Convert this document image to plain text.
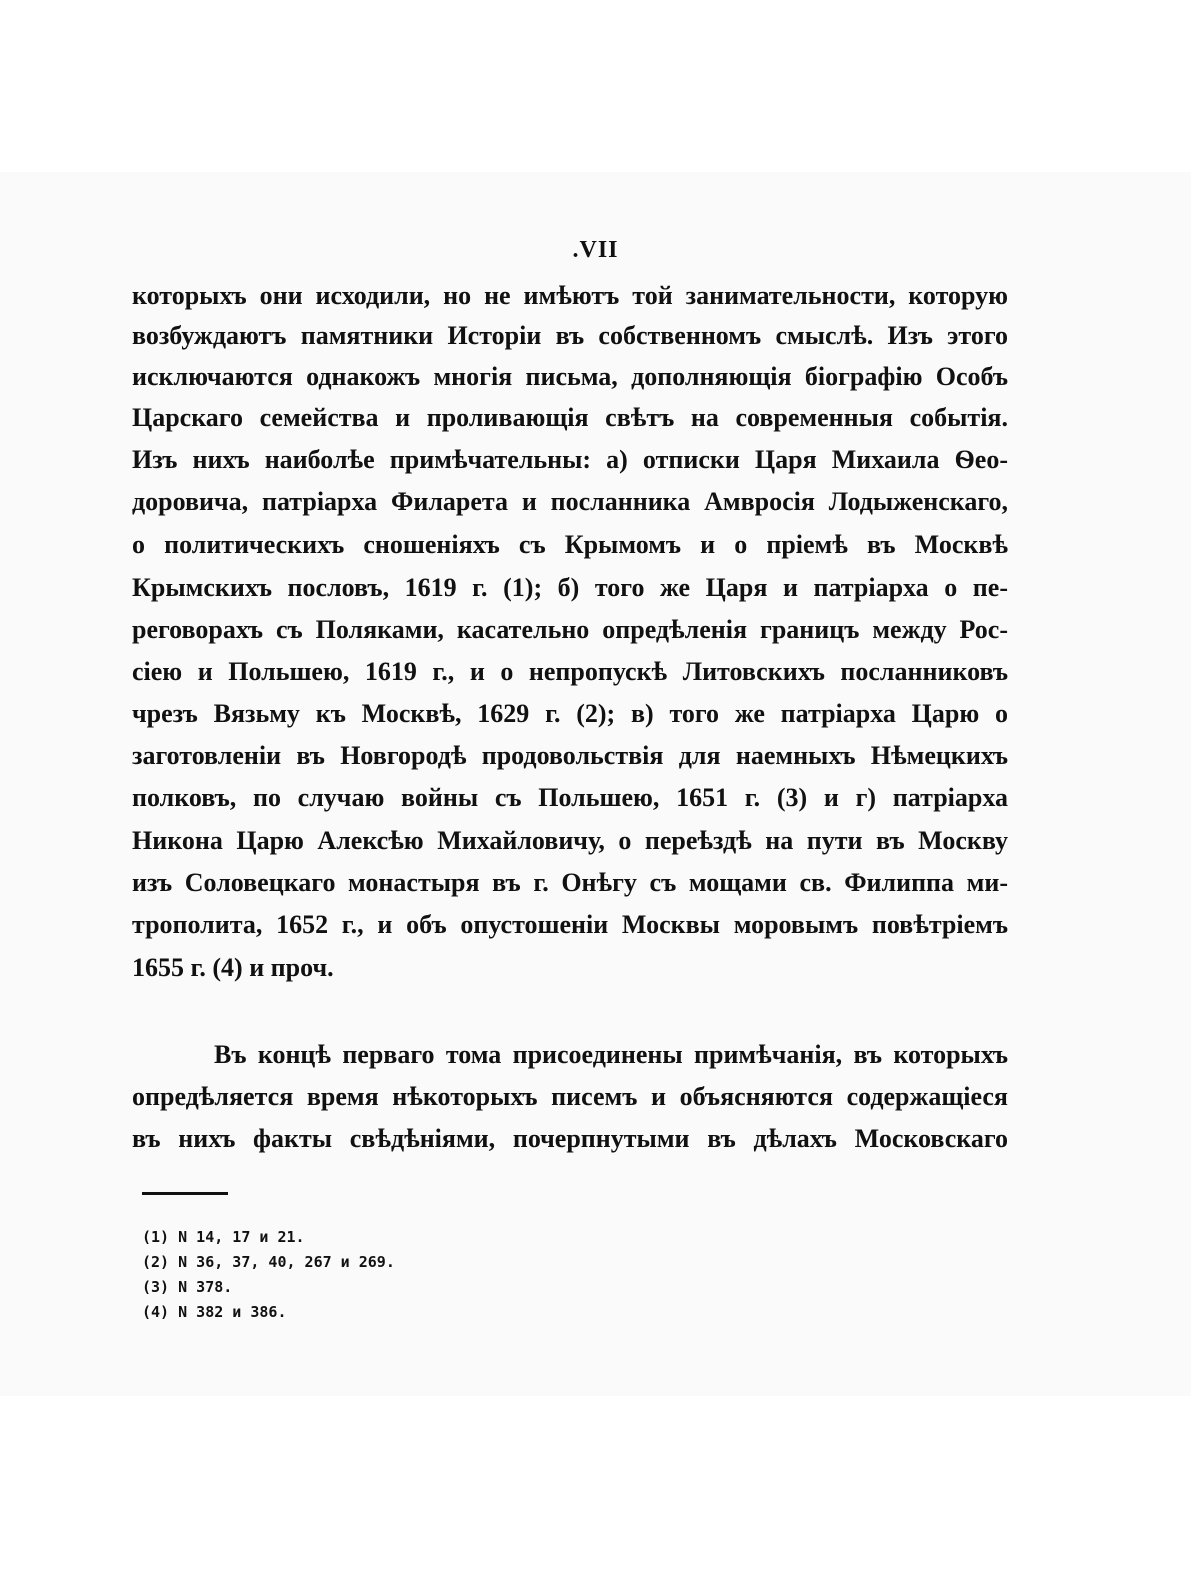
.VII
которыхъ они исходили, но не имѣютъ той занимательности, которую
возбуждаютъ памятники Исторіи въ собственномъ смыслѣ. Изъ этого
исключаются однакожъ многія письма, дополняющія біографію Особъ
Царскаго семейства и проливающія свѣтъ на современныя событія.
Изъ нихъ наиболѣе примѣчательны: а) отписки Царя Михаила Ѳео-
доровича, патріарха Филарета и посланника Амвросія Лодыженскаго,
о политическихъ сношеніяхъ съ Крымомъ и о пріемѣ въ Москвѣ
Крымскихъ пословъ, 1619 г. (1); б) того же Царя и патріарха о пе-
реговорахъ съ Поляками, касательно опредѣленія границъ между Рос-
сіею и Польшею, 1619 г., и о непропускѣ Литовскихъ посланниковъ
чрезъ Вязьму къ Москвѣ, 1629 г. (2); в) того же патріарха Царю о
заготовленіи въ Новгородѣ продовольствія для наемныхъ Нѣмецкихъ
полковъ, по случаю войны съ Польшею, 1651 г. (3) и г) патріарха
Никона Царю Алексѣю Михайловичу, о переѣздѣ на пути въ Москву
изъ Соловецкаго монастыря въ г. Онѣгу съ мощами св. Филиппа ми-
трополита, 1652 г., и объ опустошеніи Москвы моровымъ повѣтріемъ
1655 г. (4) и проч.
Въ концѣ перваго тома присоединены примѣчанія, въ которыхъ
опредѣляется время нѣкоторыхъ писемъ и объясняются содержащіеся
въ нихъ факты свѣдѣніями, почерпнутыми въ дѣлахъ Московскаго
(1) N 14, 17 и 21.
(2) N 36, 37, 40, 267 и 269.
(3) N 378.
(4) N 382 и 386.
